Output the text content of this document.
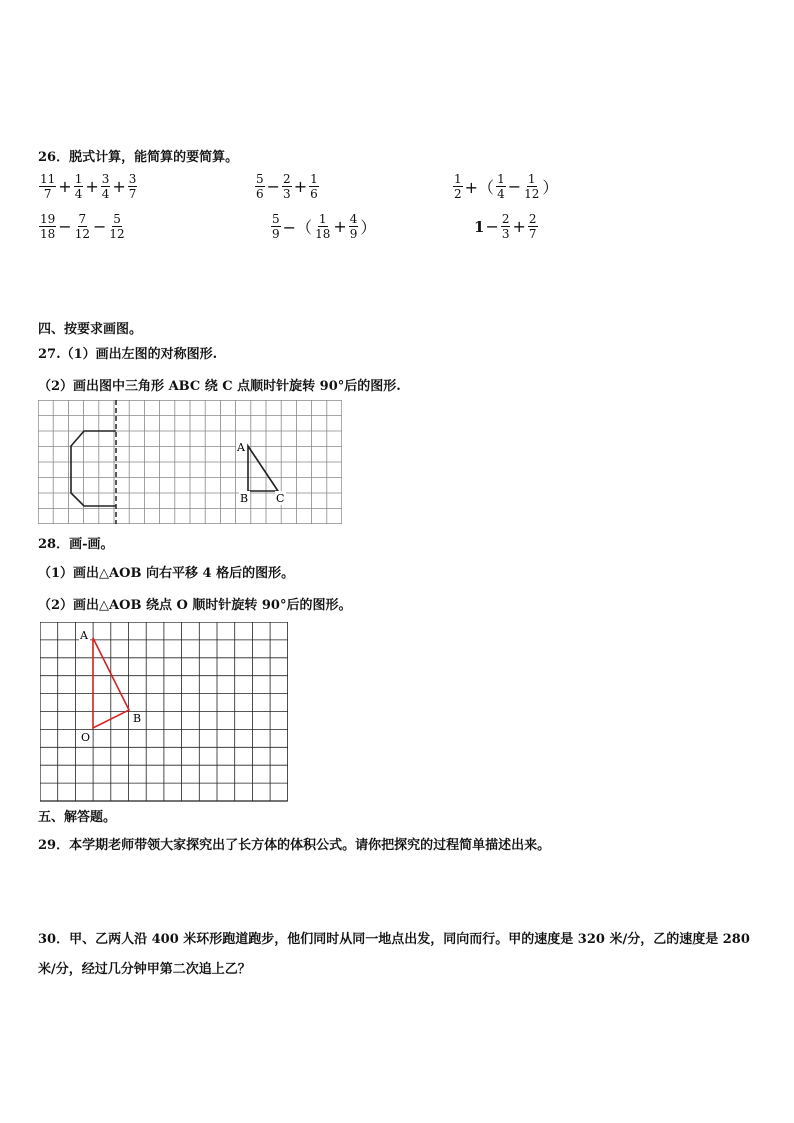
26．脱式计算，能简算的要简算。
$\frac{11}{7} + \frac{1}{4} + \frac{3}{4} + \frac{3}{7}$	$\frac{5}{6} - \frac{2}{3} + \frac{1}{6}$	$\frac{1}{2}$ +（ $\frac{1}{4} - \frac{1}{12}$ ）
$\frac{19}{18} - \frac{7}{12} - \frac{5}{12}$	$\frac{5}{9}$ −（ $\frac{1}{18} + \frac{4}{9}$ ）	$1 - \frac{2}{3} + \frac{2}{7}$
四、按要求画图。
27.（1）画出左图的对称图形.
（2）画出图中三角形 ABC 绕 C 点顺时针旋转 90°后的图形.
A
B	C
28．画-画。
（1）画出△AOB 向右平移 4 格后的图形。
（2）画出△AOB 绕点 O 顺时针旋转 90°后的图形。
A
B
O
五、解答题。
29．本学期老师带领大家探究出了长方体的体积公式。请你把探究的过程简单描述出来。
30．甲、乙两人沿 400 米环形跑道跑步，他们同时从同一地点出发，同向而行。甲的速度是 320 米/分，乙的速度是 280
米/分，经过几分钟甲第二次追上乙？
